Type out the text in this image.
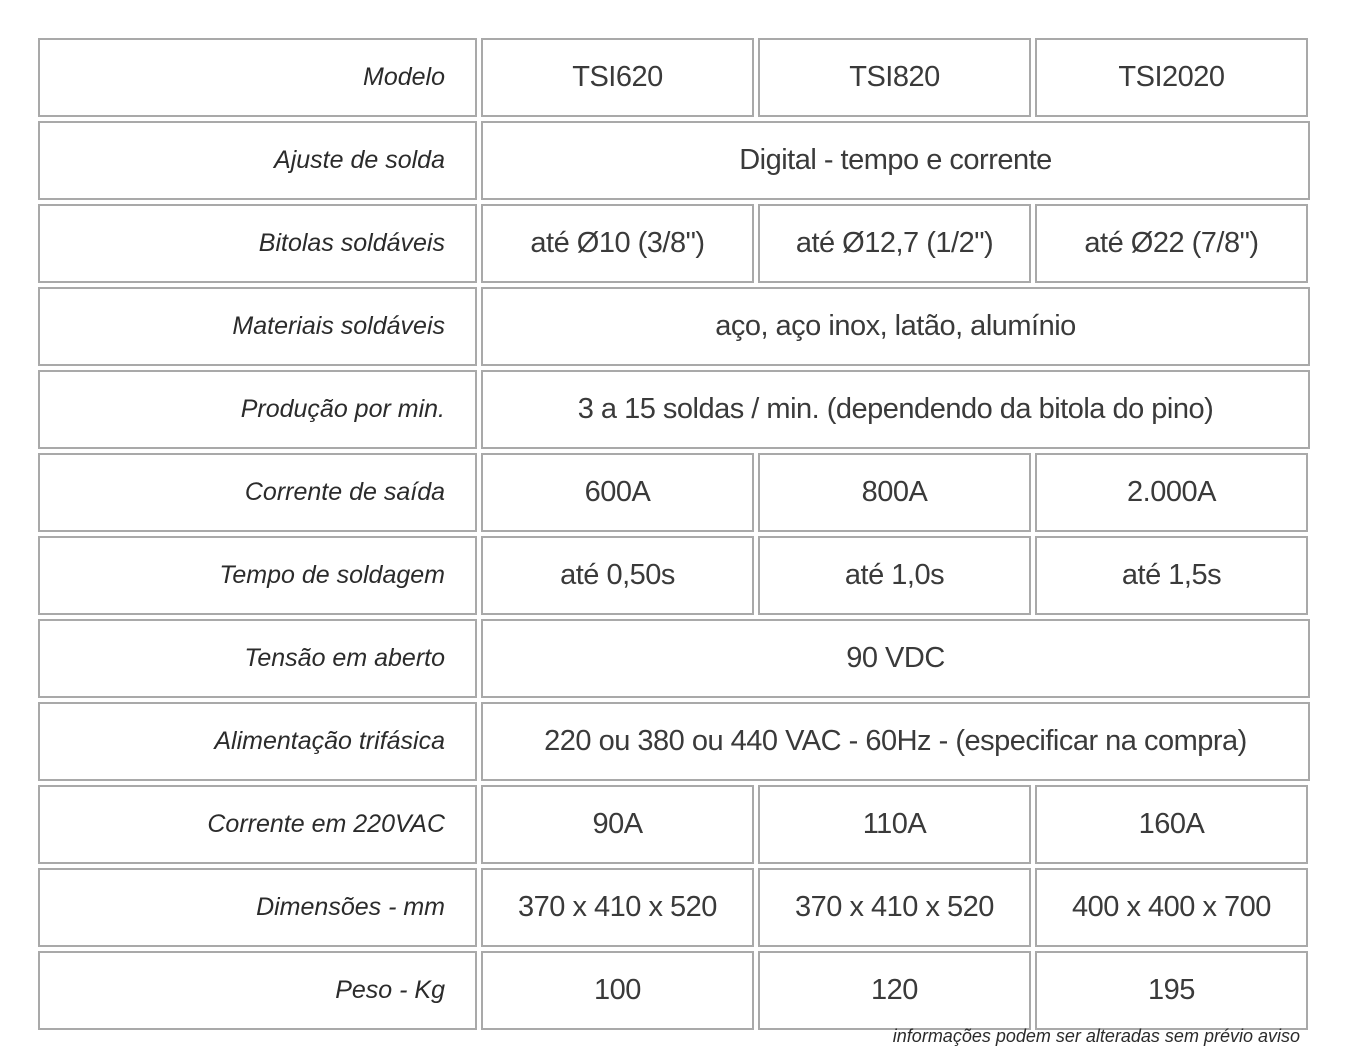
Modelo	TSI620	TSI820	TSI2020
Ajuste de solda	Digital - tempo e corrente
Bitolas soldáveis	até Ø10 (3/8")	até Ø12,7 (1/2")	até Ø22 (7/8")
Materiais soldáveis	aço, aço inox, latão, alumínio
Produção por min.	3 a 15 soldas / min. (dependendo da bitola do pino)
Corrente de saída	600A	800A	2.000A
Tempo de soldagem	até 0,50s	até 1,0s	até 1,5s
Tensão em aberto	90 VDC
Alimentação trifásica	220 ou 380 ou 440 VAC - 60Hz - (especificar na compra)
Corrente em 220VAC	90A	110A	160A
Dimensões - mm	370 x 410 x 520	370 x 410 x 520	400 x 400 x 700
Peso - Kg	100	120	195
informações podem ser alteradas sem prévio aviso
